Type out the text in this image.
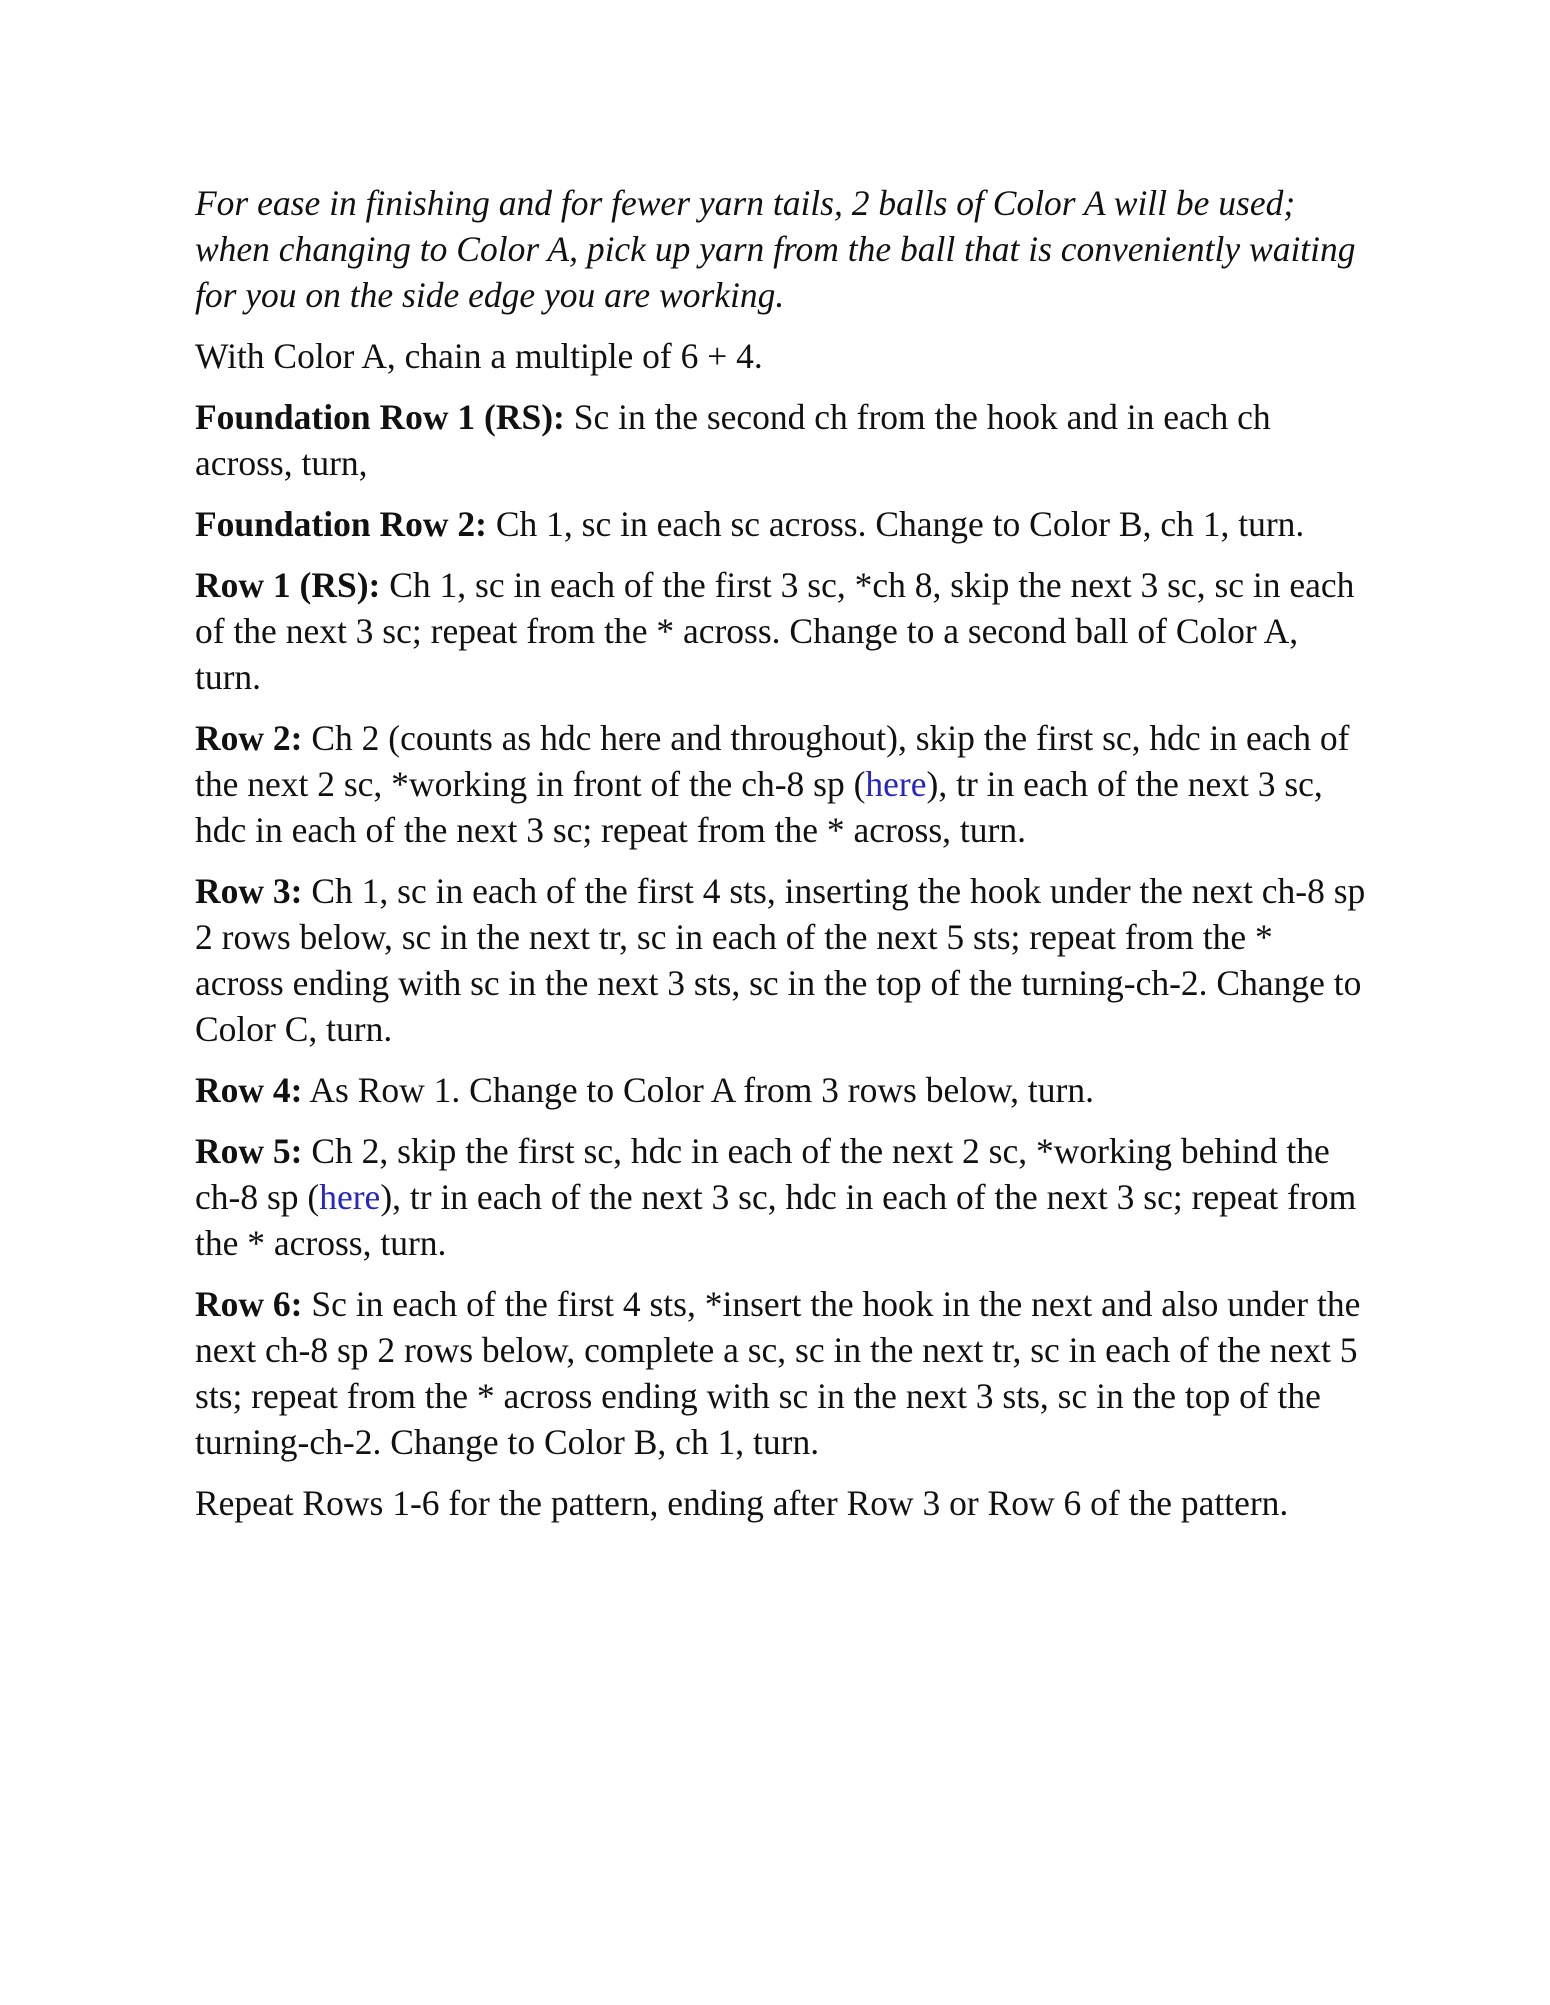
For ease in finishing and for fewer yarn tails, 2 balls of Color A will be used; when changing to Color A, pick up yarn from the ball that is conveniently waiting for you on the side edge you are working.

With Color A, chain a multiple of 6 + 4.

Foundation Row 1 (RS): Sc in the second ch from the hook and in each ch across, turn,

Foundation Row 2: Ch 1, sc in each sc across. Change to Color B, ch 1, turn.

Row 1 (RS): Ch 1, sc in each of the first 3 sc, *ch 8, skip the next 3 sc, sc in each of the next 3 sc; repeat from the * across. Change to a second ball of Color A, turn.

Row 2: Ch 2 (counts as hdc here and throughout), skip the first sc, hdc in each of the next 2 sc, *working in front of the ch-8 sp (here), tr in each of the next 3 sc, hdc in each of the next 3 sc; repeat from the * across, turn.

Row 3: Ch 1, sc in each of the first 4 sts, inserting the hook under the next ch-8 sp 2 rows below, sc in the next tr, sc in each of the next 5 sts; repeat from the * across ending with sc in the next 3 sts, sc in the top of the turning-ch-2. Change to Color C, turn.

Row 4: As Row 1. Change to Color A from 3 rows below, turn.

Row 5: Ch 2, skip the first sc, hdc in each of the next 2 sc, *working behind the ch-8 sp (here), tr in each of the next 3 sc, hdc in each of the next 3 sc; repeat from the * across, turn.

Row 6: Sc in each of the first 4 sts, *insert the hook in the next and also under the next ch-8 sp 2 rows below, complete a sc, sc in the next tr, sc in each of the next 5 sts; repeat from the * across ending with sc in the next 3 sts, sc in the top of the turning-ch-2. Change to Color B, ch 1, turn.

Repeat Rows 1-6 for the pattern, ending after Row 3 or Row 6 of the pattern.
